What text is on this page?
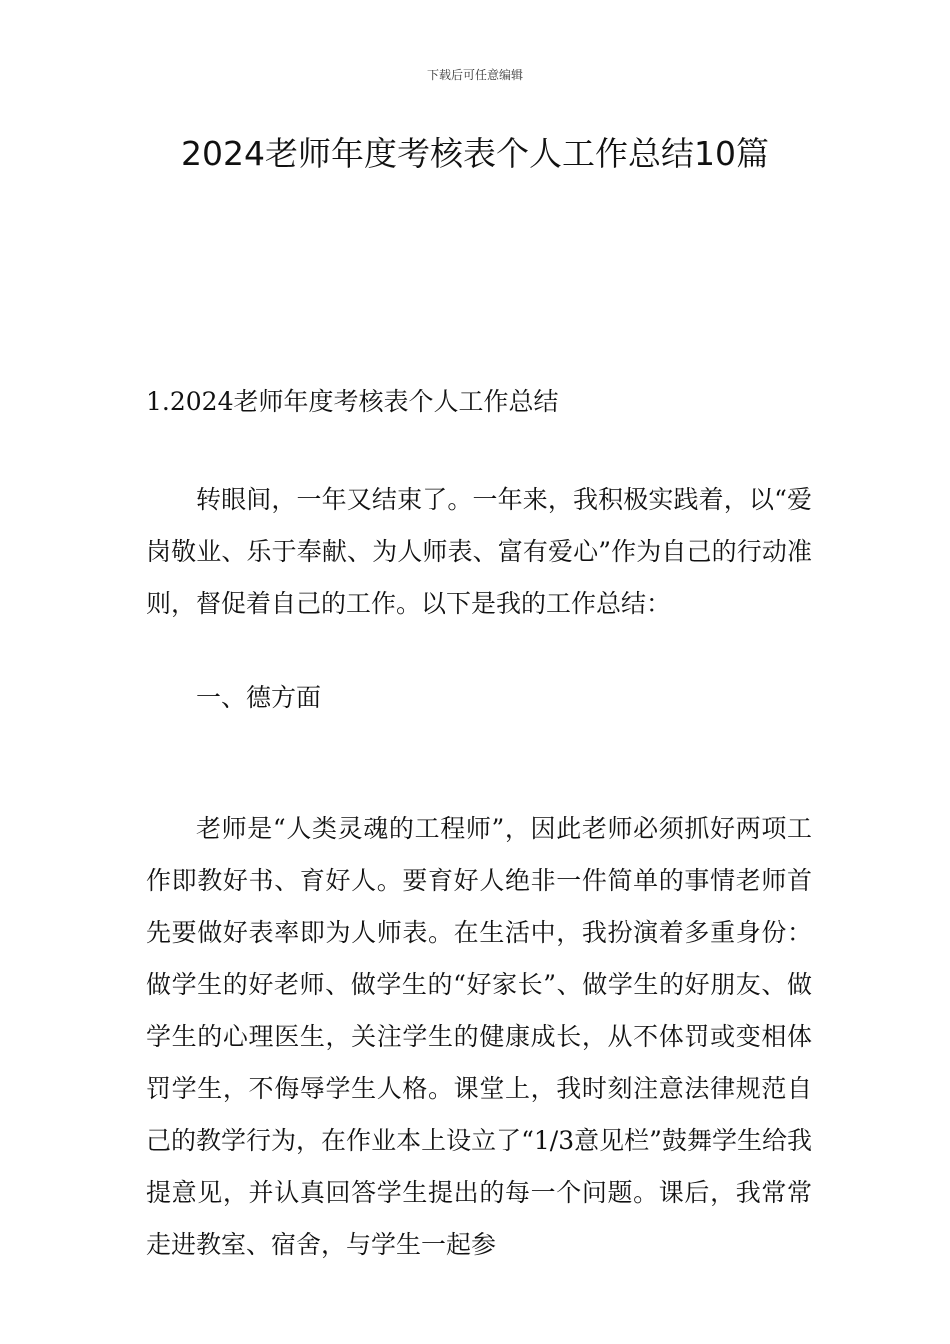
下载后可任意编辑
2024老师年度考核表个人工作总结10篇
1.2024老师年度考核表个人工作总结

转眼间，一年又结束了。一年来，我积极实践着，以“爱岗敬业、乐于奉献、为人师表、富有爱心”作为自己的行动准则，督促着自己的工作。以下是我的工作总结：

一、德方面

老师是“人类灵魂的工程师”，因此老师必须抓好两项工作即教好书、育好人。要育好人绝非一件简单的事情老师首先要做好表率即为人师表。在生活中，我扮演着多重身份：做学生的好老师、做学生的“好家长”、做学生的好朋友、做学生的心理医生，关注学生的健康成长，从不体罚或变相体罚学生，不侮辱学生人格。课堂上，我时刻注意法律规范自己的教学行为，在作业本上设立了“1/3意见栏”鼓舞学生给我提意见，并认真回答学生提出的每一个问题。课后，我常常走进教室、宿舍，与学生一起参
